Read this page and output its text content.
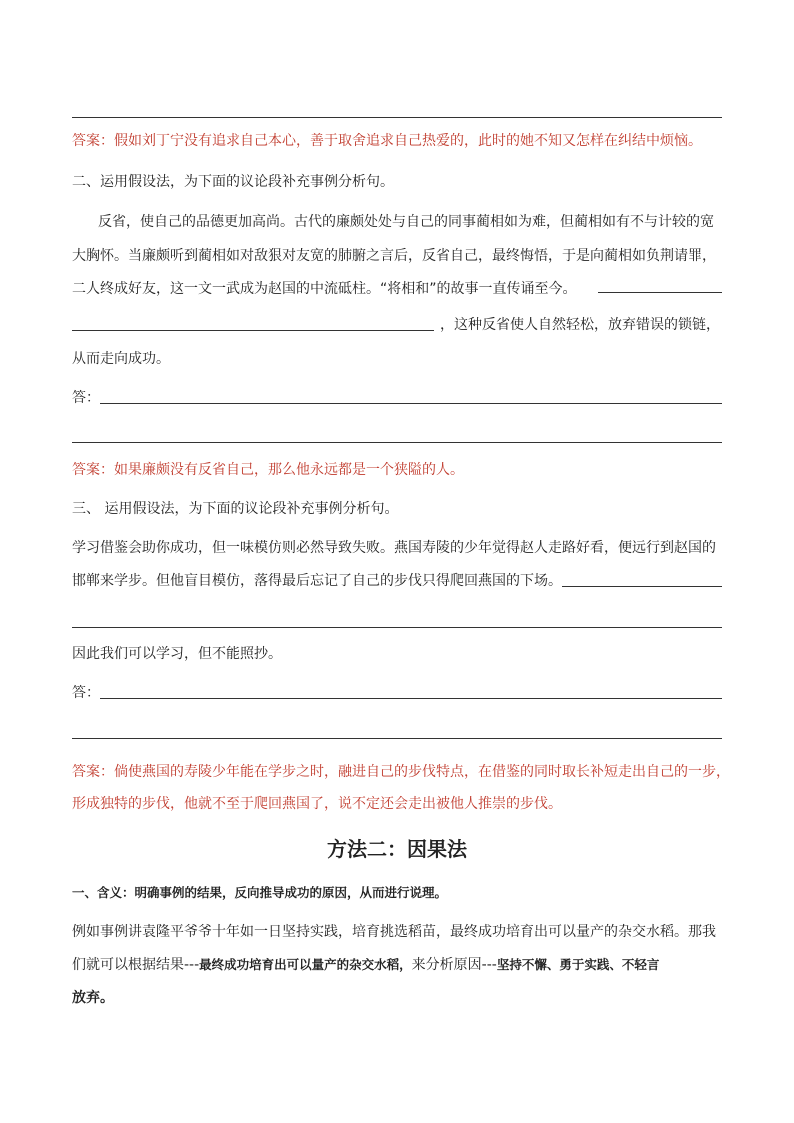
答案：假如刘丁宁没有追求自己本心，善于取舍追求自己热爱的，此时的她不知又怎样在纠结中烦恼。
二、运用假设法，为下面的议论段补充事例分析句。
反省，使自己的品德更加高尚。古代的廉颇处处与自己的同事蔺相如为难，但蔺相如有不与计较的宽
大胸怀。当廉颇听到蔺相如对敌狠对友宽的肺腑之言后，反省自己，最终悔悟，于是向蔺相如负荆请罪，
二人终成好友，这一文一武成为赵国的中流砥柱。“将相和”的故事一直传诵至今。
，这种反省使人自然轻松，放弃错误的锁链，
从而走向成功。
答：
答案：如果廉颇没有反省自己，那么他永远都是一个狭隘的人。
三、 运用假设法，为下面的议论段补充事例分析句。
学习借鉴会助你成功，但一味模仿则必然导致失败。燕国寿陵的少年觉得赵人走路好看，便远行到赵国的
邯郸来学步。但他盲目模仿，落得最后忘记了自己的步伐只得爬回燕国的下场。
因此我们可以学习，但不能照抄。
答：
答案：倘使燕国的寿陵少年能在学步之时，融进自己的步伐特点，在借鉴的同时取长补短走出自己的一步，
形成独特的步伐，他就不至于爬回燕国了，说不定还会走出被他人推崇的步伐。
方法二：因果法
一、含义：明确事例的结果，反向推导成功的原因，从而进行说理。
例如事例讲袁隆平爷爷十年如一日坚持实践，培育挑选稻苗，最终成功培育出可以量产的杂交水稻。那我
们就可以根据结果---最终成功培育出可以量产的杂交水稻，来分析原因---坚持不懈、勇于实践、不轻言
放弃。
